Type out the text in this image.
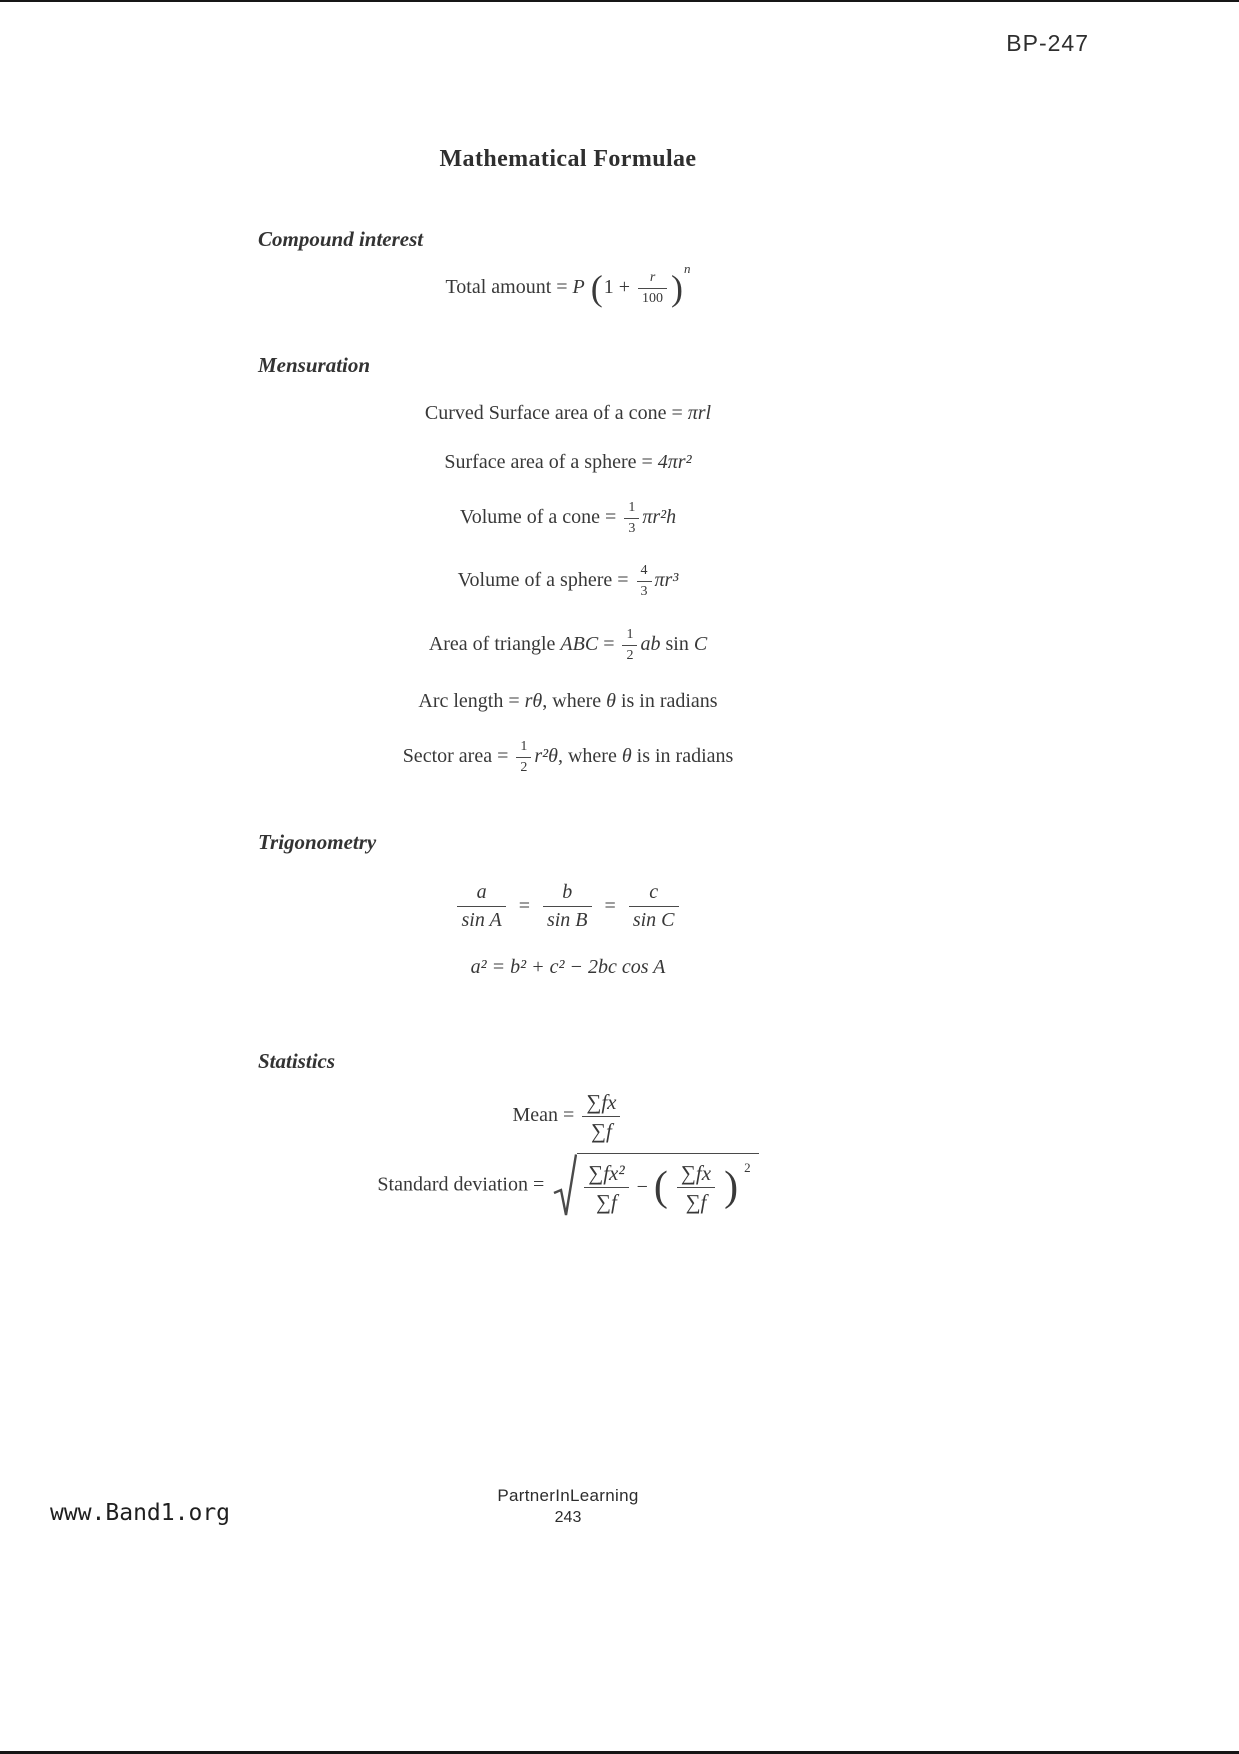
BP-247
Mathematical Formulae
Compound interest
Total amount = P $(1 + \frac{r}{100} )^n$
Mensuration
Curved Surface area of a cone = πrl
Surface area of a sphere = 4πr²
Volume of a cone = $\frac{1}{3} \pi r^2h$
Volume of a sphere = $\frac{4}{3} \pi r^3$
Area of triangle ABC = $\frac{1}{2}$ ab sin C
Arc length = rθ, where θ is in radians
Sector area = $\frac{1}{2} r^2\theta$, where θ is in radians
Trigonometry
$\frac{a}{\text{sin A}} = \frac{b}{\text{sin B}} = \frac{c}{\text{sin C}}$
a² = b² + c² − 2bc cos A
Statistics
Mean = $\frac{\sum fx}{\sum f}$
Standard deviation = $\frac{\text{∑fx²}}{\sum f}$ − ( $\frac{\sum fx}{\sum f}$ ) $^2$
PartnerInLearning
243
www.Band1.org
